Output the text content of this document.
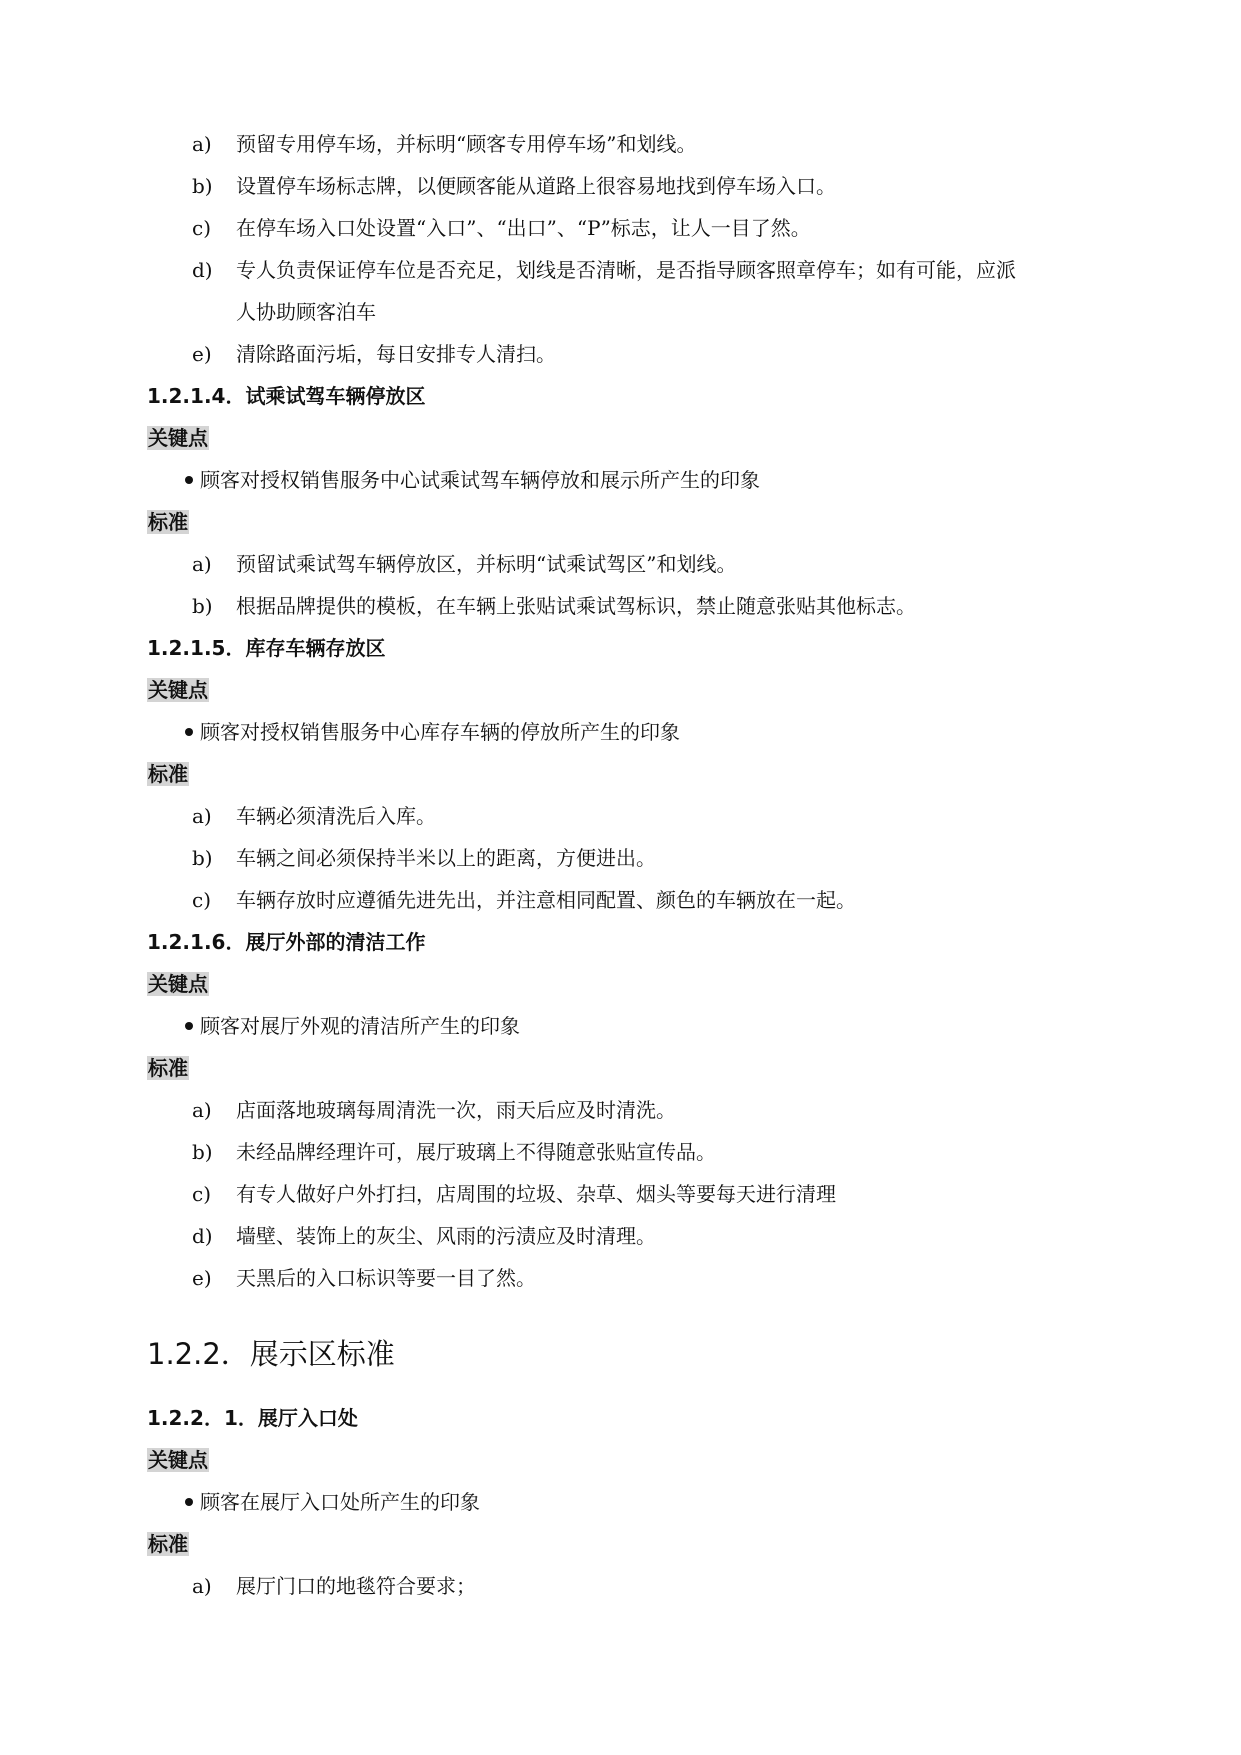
a) 预留专用停车场，并标明“顾客专用停车场”和划线。
b) 设置停车场标志牌，以便顾客能从道路上很容易地找到停车场入口。
c) 在停车场入口处设置“入口”、“出口”、“P”标志，让人一目了然。
d) 专人负责保证停车位是否充足，划线是否清晰，是否指导顾客照章停车；如有可能，应派
人协助顾客泊车
e) 清除路面污垢，每日安排专人清扫。
1.2.1.4．试乘试驾车辆停放区
关键点
顾客对授权销售服务中心试乘试驾车辆停放和展示所产生的印象
标准
a) 预留试乘试驾车辆停放区，并标明“试乘试驾区”和划线。
b) 根据品牌提供的模板，在车辆上张贴试乘试驾标识，禁止随意张贴其他标志。
1.2.1.5．库存车辆存放区
关键点
顾客对授权销售服务中心库存车辆的停放所产生的印象
标准
a) 车辆必须清洗后入库。
b) 车辆之间必须保持半米以上的距离，方便进出。
c) 车辆存放时应遵循先进先出，并注意相同配置、颜色的车辆放在一起。
1.2.1.6．展厅外部的清洁工作
关键点
顾客对展厅外观的清洁所产生的印象
标准
a) 店面落地玻璃每周清洗一次，雨天后应及时清洗。
b) 未经品牌经理许可，展厅玻璃上不得随意张贴宣传品。
c) 有专人做好户外打扫，店周围的垃圾、杂草、烟头等要每天进行清理
d) 墙壁、装饰上的灰尘、风雨的污渍应及时清理。
e) 天黑后的入口标识等要一目了然。
1.2.2．展示区标准
1.2.2．1．展厅入口处
关键点
顾客在展厅入口处所产生的印象
标准
a) 展厅门口的地毯符合要求；
